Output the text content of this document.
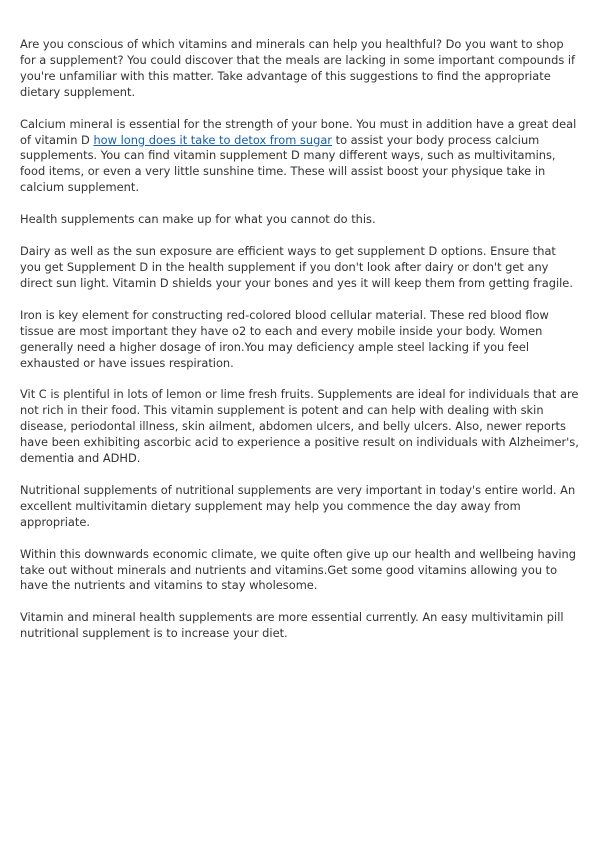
Are you conscious of which vitamins and minerals can help you healthful? Do you want to shop for a supplement? You could discover that the meals are lacking in some important compounds if you're unfamiliar with this matter. Take advantage of this suggestions to find the appropriate dietary supplement.

Calcium mineral is essential for the strength of your bone. You must in addition have a great deal of vitamin D how long does it take to detox from sugar to assist your body process calcium supplements. You can find vitamin supplement D many different ways, such as multivitamins, food items, or even a very little sunshine time. These will assist boost your physique take in calcium supplement.

Health supplements can make up for what you cannot do this.

Dairy as well as the sun exposure are efficient ways to get supplement D options. Ensure that you get Supplement D in the health supplement if you don't look after dairy or don't get any direct sun light. Vitamin D shields your your bones and yes it will keep them from getting fragile.

Iron is key element for constructing red-colored blood cellular material. These red blood flow tissue are most important they have o2 to each and every mobile inside your body. Women generally need a higher dosage of iron.You may deficiency ample steel lacking if you feel exhausted or have issues respiration.

Vit C is plentiful in lots of lemon or lime fresh fruits. Supplements are ideal for individuals that are not rich in their food. This vitamin supplement is potent and can help with dealing with skin disease, periodontal illness, skin ailment, abdomen ulcers, and belly ulcers. Also, newer reports have been exhibiting ascorbic acid to experience a positive result on individuals with Alzheimer's, dementia and ADHD.

Nutritional supplements of nutritional supplements are very important in today's entire world. An excellent multivitamin dietary supplement may help you commence the day away from appropriate.

Within this downwards economic climate, we quite often give up our health and wellbeing having take out without minerals and nutrients and vitamins.Get some good vitamins allowing you to have the nutrients and vitamins to stay wholesome.

Vitamin and mineral health supplements are more essential currently. An easy multivitamin pill nutritional supplement is to increase your diet.
